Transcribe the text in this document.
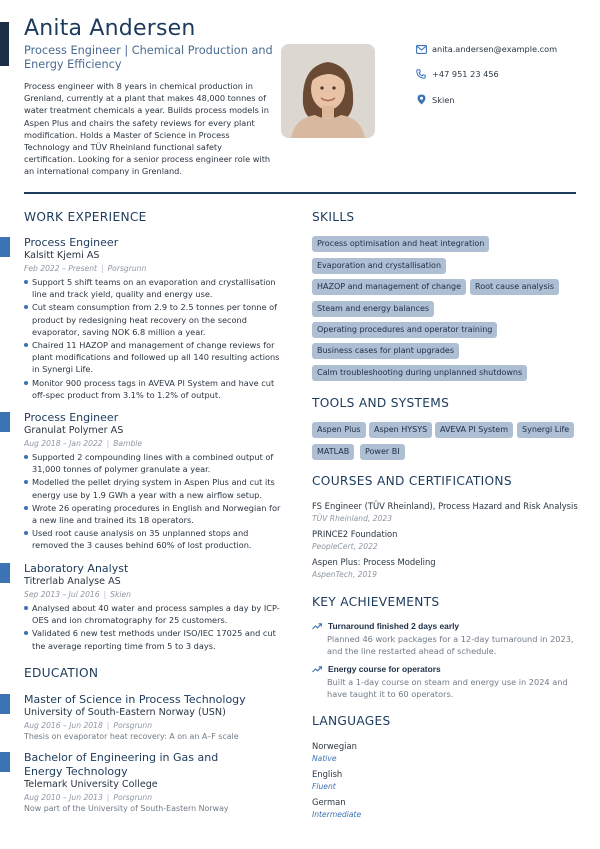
Anita Andersen
Process Engineer | Chemical Production and Energy Efficiency
Process engineer with 8 years in chemical production in Grenland, currently at a plant that makes 48,000 tonnes of water treatment chemicals a year. Builds process models in Aspen Plus and chairs the safety reviews for every plant modification. Holds a Master of Science in Process Technology and TÜV Rheinland functional safety certification. Looking for a senior process engineer role with an international company in Grenland.
anita.andersen@example.com
+47 951 23 456
Skien
WORK EXPERIENCE
Process Engineer
Kalsitt Kjemi AS
Feb 2022 – Present | Porsgrunn
Support 5 shift teams on an evaporation and crystallisation line and track yield, quality and energy use.
Cut steam consumption from 2.9 to 2.5 tonnes per tonne of product by redesigning heat recovery on the second evaporator, saving NOK 6.8 million a year.
Chaired 11 HAZOP and management of change reviews for plant modifications and followed up all 140 resulting actions in Synergi Life.
Monitor 900 process tags in AVEVA PI System and have cut off-spec product from 3.1% to 1.2% of output.
Process Engineer
Granulat Polymer AS
Aug 2018 – Jan 2022 | Bamble
Supported 2 compounding lines with a combined output of 31,000 tonnes of polymer granulate a year.
Modelled the pellet drying system in Aspen Plus and cut its energy use by 1.9 GWh a year with a new airflow setup.
Wrote 26 operating procedures in English and Norwegian for a new line and trained its 18 operators.
Used root cause analysis on 35 unplanned stops and removed the 3 causes behind 60% of lost production.
Laboratory Analyst
Titrerlab Analyse AS
Sep 2013 – Jul 2016 | Skien
Analysed about 40 water and process samples a day by ICP-OES and ion chromatography for 25 customers.
Validated 6 new test methods under ISO/IEC 17025 and cut the average reporting time from 5 to 3 days.
EDUCATION
Master of Science in Process Technology
University of South-Eastern Norway (USN)
Aug 2016 – Jun 2018 | Porsgrunn
Thesis on evaporator heat recovery: A on an A–F scale
Bachelor of Engineering in Gas and Energy Technology
Telemark University College
Aug 2010 – Jun 2013 | Porsgrunn
Now part of the University of South-Eastern Norway
SKILLS
Process optimisation and heat integration
Evaporation and crystallisation
HAZOP and management of change	Root cause analysis
Steam and energy balances
Operating procedures and operator training
Business cases for plant upgrades
Calm troubleshooting during unplanned shutdowns
TOOLS AND SYSTEMS
Aspen Plus	Aspen HYSYS	AVEVA PI System	Synergi Life
MATLAB	Power BI
COURSES AND CERTIFICATIONS
FS Engineer (TÜV Rheinland), Process Hazard and Risk Analysis
TÜV Rheinland, 2023
PRINCE2 Foundation
PeopleCert, 2022
Aspen Plus: Process Modeling
AspenTech, 2019
KEY ACHIEVEMENTS
Turnaround finished 2 days early
Planned 46 work packages for a 12-day turnaround in 2023, and the line restarted ahead of schedule.
Energy course for operators
Built a 1-day course on steam and energy use in 2024 and have taught it to 60 operators.
LANGUAGES
Norwegian
Native
English
Fluent
German
Intermediate
